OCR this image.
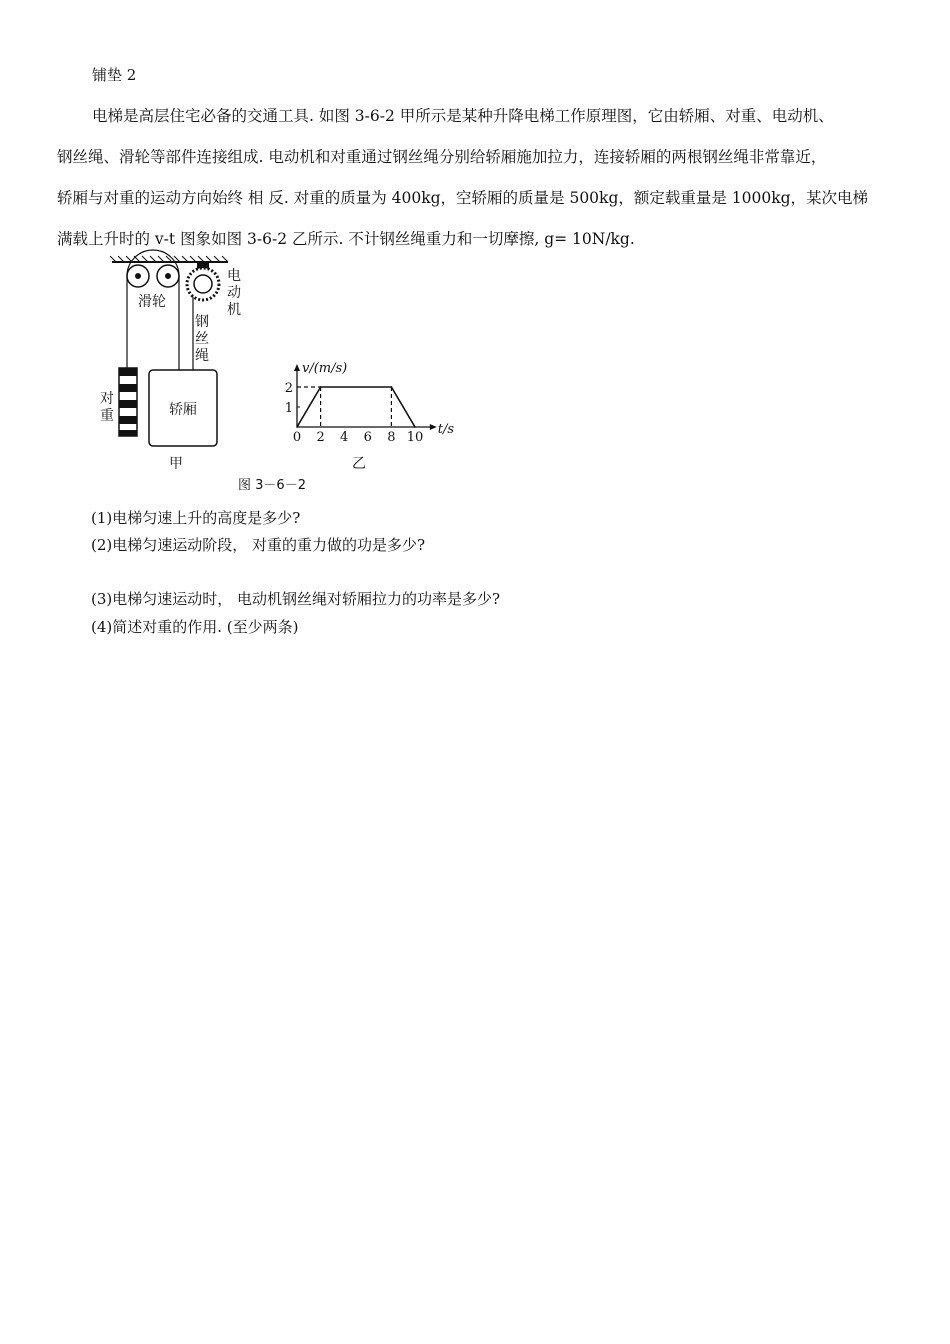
铺垫 2
电梯是高层住宅必备的交通工具. 如图 3-6-2 甲所示是某种升降电梯工作原理图，它由轿厢、对重、电动机、
钢丝绳、滑轮等部件连接组成. 电动机和对重通过钢丝绳分别给轿厢施加拉力，连接轿厢的两根钢丝绳非常靠近，
轿厢与对重的运动方向始终 相 反. 对重的质量为 400kg，空轿厢的质量是 500kg，额定载重量是 1000kg，某次电梯
满载上升时的 v-t 图象如图 3-6-2 乙所示. 不计钢丝绳重力和一切摩擦, g= 10N/kg.
轿厢
滑轮
电
动
机
钢
丝
绳
对
重
甲	乙
图 3－6－2
v/(m/s)
t/s
0 2 4 6 8 10
1
2
(1)电梯匀速上升的高度是多少?
(2)电梯匀速运动阶段， 对重的重力做的功是多少?
(3)电梯匀速运动时， 电动机钢丝绳对轿厢拉力的功率是多少?
(4)简述对重的作用. (至少两条)
